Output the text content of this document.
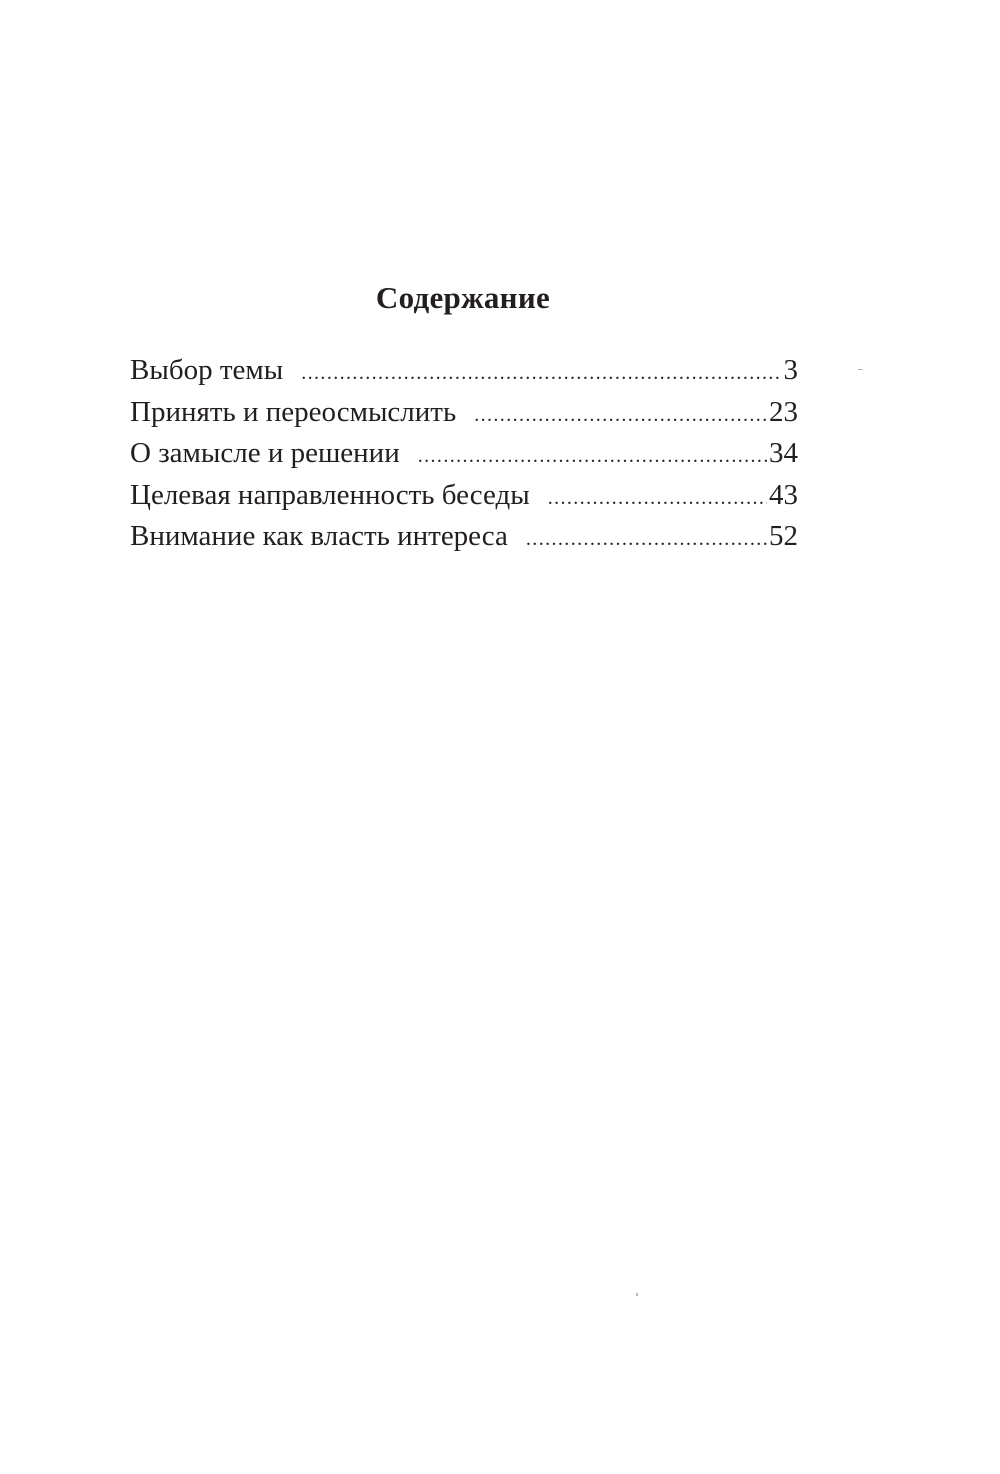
Содержание
Выбор темы .....	3
Принять и переосмыслить .....	23
О замысле и решении .....	34
Целевая направленность беседы .....	43
Внимание как власть интереса .....	52
